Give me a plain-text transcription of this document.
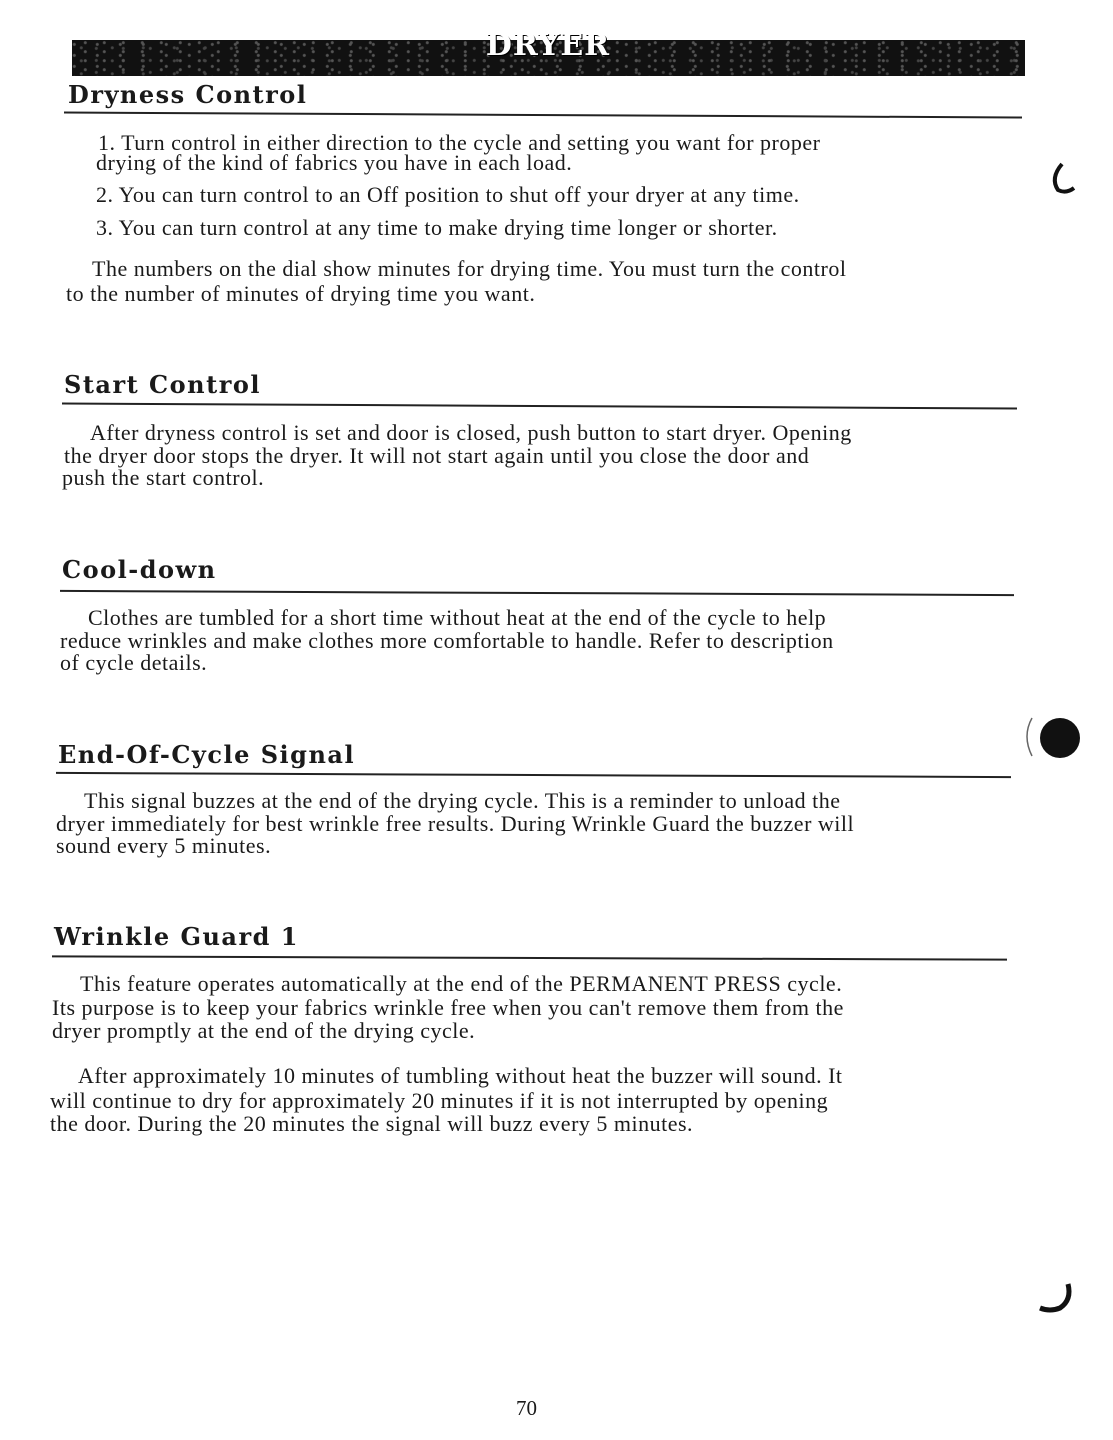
DRYER
Dryness Control

1. Turn control in either direction to the cycle and setting you want for proper

drying of the kind of fabrics you have in each load.

2. You can turn control to an Off position to shut off your dryer at any time.

3. You can turn control at any time to make drying time longer or shorter.

The numbers on the dial show minutes for drying time. You must turn the control

to the number of minutes of drying time you want.

Start Control

After dryness control is set and door is closed, push button to start dryer. Opening

the dryer door stops the dryer. It will not start again until you close the door and

push the start control.

Cool-down

Clothes are tumbled for a short time without heat at the end of the cycle to help

reduce wrinkles and make clothes more comfortable to handle. Refer to description

of cycle details.

End-Of-Cycle Signal

This signal buzzes at the end of the drying cycle. This is a reminder to unload the

dryer immediately for best wrinkle free results. During Wrinkle Guard the buzzer will

sound every 5 minutes.

Wrinkle Guard 1

This feature operates automatically at the end of the PERMANENT PRESS cycle.

Its purpose is to keep your fabrics wrinkle free when you can't remove them from the

dryer promptly at the end of the drying cycle.

After approximately 10 minutes of tumbling without heat the buzzer will sound. It

will continue to dry for approximately 20 minutes if it is not interrupted by opening

the door. During the 20 minutes the signal will buzz every 5 minutes.

70
